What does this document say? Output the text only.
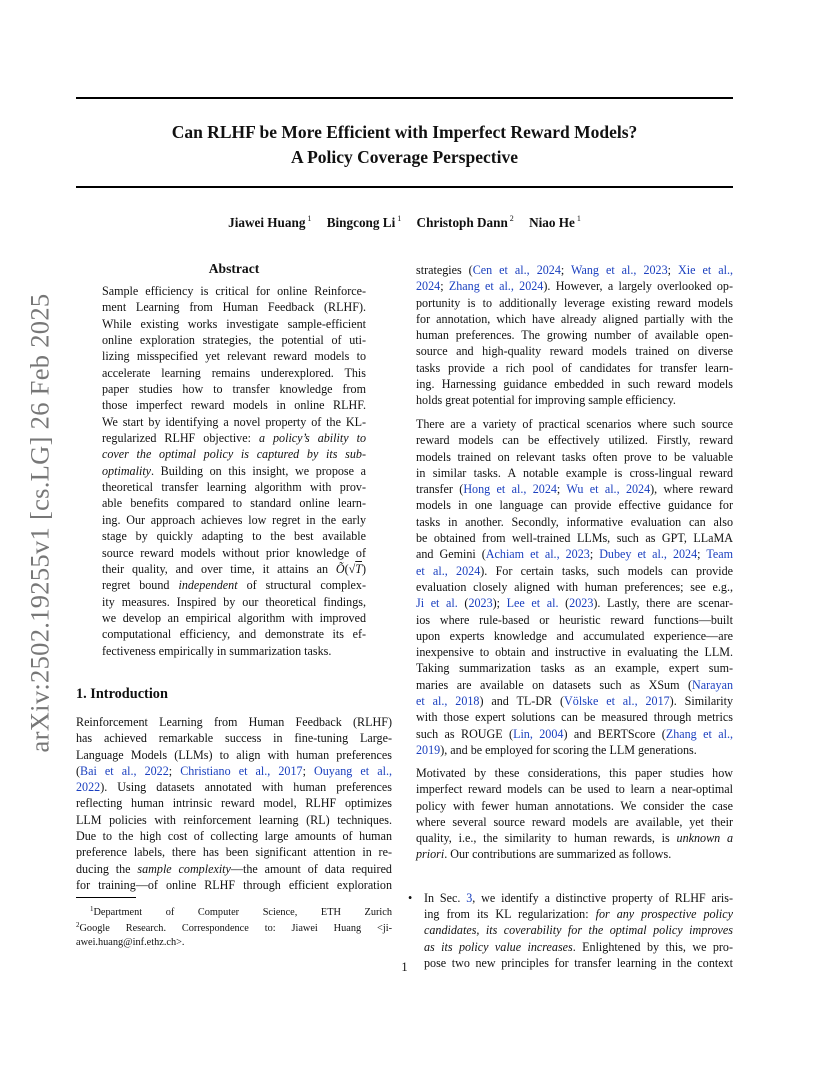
Can RLHF be More Efficient with Imperfect Reward Models?
A Policy Coverage Perspective
Jiawei Huang $^1$ Bingcong Li $^1$ Christoph Dann $^2$ Niao He $^1$
arXiv:2502.19255v1 [cs.LG] 26 Feb 2025
Abstract
Sample efficiency is critical for online Reinforce-
ment Learning from Human Feedback (RLHF).
While existing works investigate sample-efficient
online exploration strategies, the potential of uti-
lizing misspecified yet relevant reward models to
accelerate learning remains underexplored. This
paper studies how to transfer knowledge from
those imperfect reward models in online RLHF.
We start by identifying a novel property of the KL-
regularized RLHF objective: a policy’s ability to
cover the optimal policy is captured by its sub-
optimality. Building on this insight, we propose a
theoretical transfer learning algorithm with prov-
able benefits compared to standard online learn-
ing. Our approach achieves low regret in the early
stage by quickly adapting to the best available
source reward models without prior knowledge of
their quality, and over time, it attains an Õ(√T)
regret bound independent of structural complex-
ity measures. Inspired by our theoretical findings,
we develop an empirical algorithm with improved
computational efficiency, and demonstrate its ef-
fectiveness empirically in summarization tasks.
1. Introduction
Reinforcement Learning from Human Feedback (RLHF)
has achieved remarkable success in fine-tuning Large-
Language Models (LLMs) to align with human preferences
(Bai et al., 2022; Christiano et al., 2017; Ouyang et al.,
2022). Using datasets annotated with human preferences
reflecting human intrinsic reward model, RLHF optimizes
LLM policies with reinforcement learning (RL) techniques.
Due to the high cost of collecting large amounts of human
preference labels, there has been significant attention in re-
ducing the sample complexity—the amount of data required
for training—of online RLHF through efficient exploration
$^1$Department of Computer Science, ETH Zurich
$^2$Google Research. Correspondence to: Jiawei Huang <ji-
awei.huang@inf.ethz.ch>.
strategies (Cen et al., 2024; Wang et al., 2023; Xie et al.,
2024; Zhang et al., 2024). However, a largely overlooked op-
portunity is to additionally leverage existing reward models
for annotation, which have already aligned partially with the
human preferences. The growing number of available open-
source and high-quality reward models trained on diverse
tasks provide a rich pool of candidates for transfer learn-
ing. Harnessing guidance embedded in such reward models
holds great potential for improving sample efficiency.
There are a variety of practical scenarios where such source
reward models can be effectively utilized. Firstly, reward
models trained on relevant tasks often prove to be valuable
in similar tasks. A notable example is cross-lingual reward
transfer (Hong et al., 2024; Wu et al., 2024), where reward
models in one language can provide effective guidance for
tasks in another. Secondly, informative evaluation can also
be obtained from well-trained LLMs, such as GPT, LLaMA
and Gemini (Achiam et al., 2023; Dubey et al., 2024; Team
et al., 2024). For certain tasks, such models can provide
evaluation closely aligned with human preferences; see e.g.,
Ji et al. (2023); Lee et al. (2023). Lastly, there are scenar-
ios where rule-based or heuristic reward functions—built
upon experts knowledge and accumulated experience—are
inexpensive to obtain and instructive in evaluating the LLM.
Taking summarization tasks as an example, expert sum-
maries are available on datasets such as XSum (Narayan
et al., 2018) and TL-DR (Völske et al., 2017). Similarity
with those expert solutions can be measured through metrics
such as ROUGE (Lin, 2004) and BERTScore (Zhang et al.,
2019), and be employed for scoring the LLM generations.
Motivated by these considerations, this paper studies how
imperfect reward models can be used to learn a near-optimal
policy with fewer human annotations. We consider the case
where several source reward models are available, yet their
quality, i.e., the similarity to human rewards, is unknown a
priori. Our contributions are summarized as follows.
• In Sec. 3, we identify a distinctive property of RLHF aris-
ing from its KL regularization: for any prospective policy
candidates, its coverability for the optimal policy improves
as its policy value increases. Enlightened by this, we pro-
pose two new principles for transfer learning in the context
1
